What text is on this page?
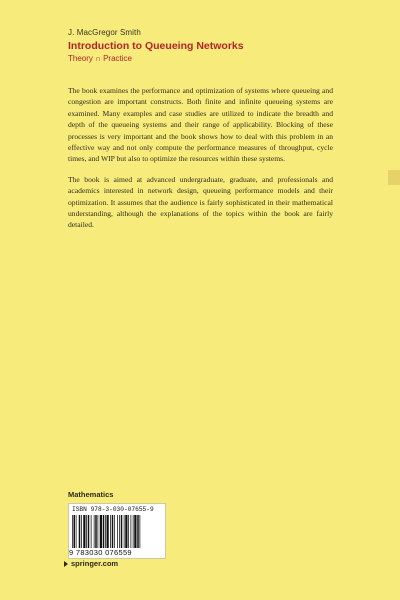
J. MacGregor Smith
Introduction to Queueing Networks
Theory ∩ Practice

The book examines the performance and optimization of systems where queueing and congestion are important constructs. Both finite and infinite queueing systems are examined. Many examples and case studies are utilized to indicate the breadth and depth of the queueing systems and their range of applicability. Blocking of these processes is very important and the book shows how to deal with this problem in an effective way and not only compute the performance measures of throughput, cycle times, and WIP but also to optimize the resources within these systems.

The book is aimed at advanced undergraduate, graduate, and professionals and academics interested in network design, queueing performance models and their optimization. It assumes that the audience is fairly sophisticated in their mathematical understanding, although the explanations of the topics within the book are fairly detailed.

Mathematics
ISBN 978-3-030-07655-9
9 783030 076559
springer.com
